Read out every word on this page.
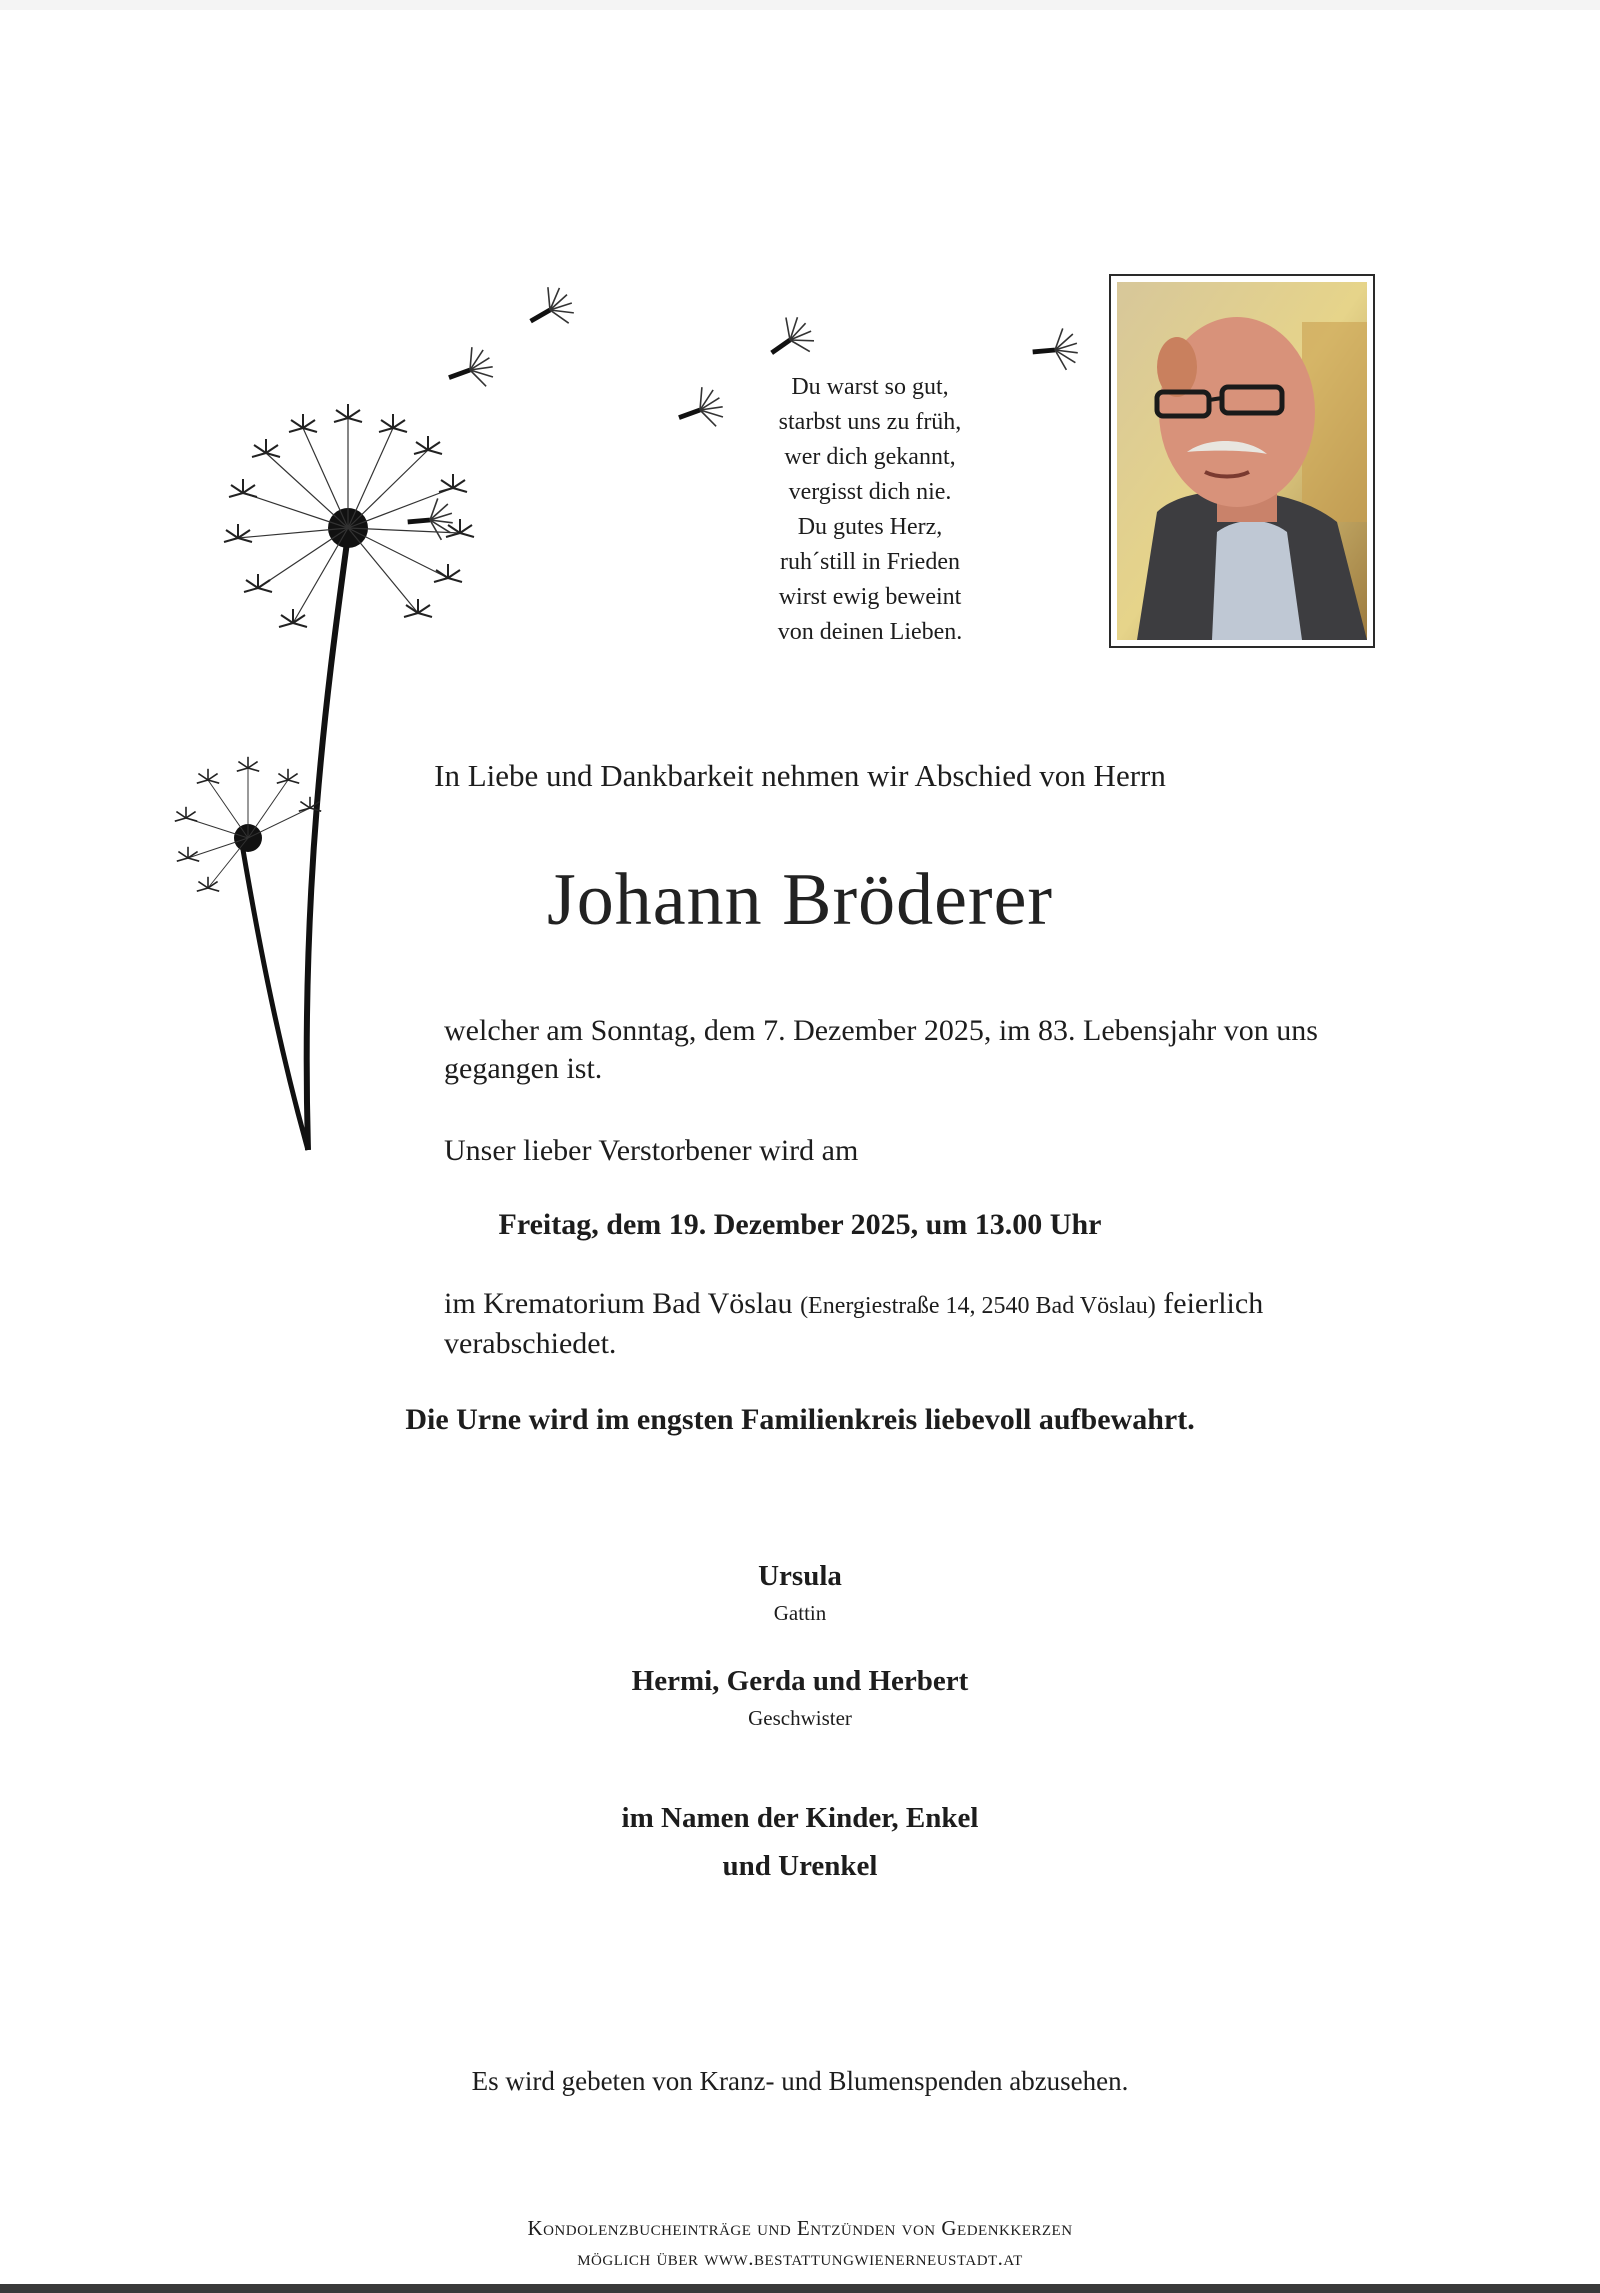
Du warst so gut,
starbst uns zu früh,
wer dich gekannt,
vergisst dich nie.
Du gutes Herz,
ruh´still in Frieden
wirst ewig beweint
von deinen Lieben.
In Liebe und Dankbarkeit nehmen wir Abschied von Herrn
Johann Bröderer
welcher am Sonntag, dem 7. Dezember 2025, im 83. Lebensjahr von uns gegangen ist.
Unser lieber Verstorbener wird am
Freitag, dem 19. Dezember 2025, um 13.00 Uhr
im Krematorium Bad Vöslau (Energiestraße 14, 2540 Bad Vöslau) feierlich verabschiedet.
Die Urne wird im engsten Familienkreis liebevoll aufbewahrt.
Ursula
Gattin
Hermi, Gerda und Herbert
Geschwister
im Namen der Kinder, Enkel
und Urenkel
Es wird gebeten von Kranz- und Blumenspenden abzusehen.
Kondolenzbucheinträge und Entzünden von Gedenkkerzen
möglich über www.bestattungwienerneustadt.at
